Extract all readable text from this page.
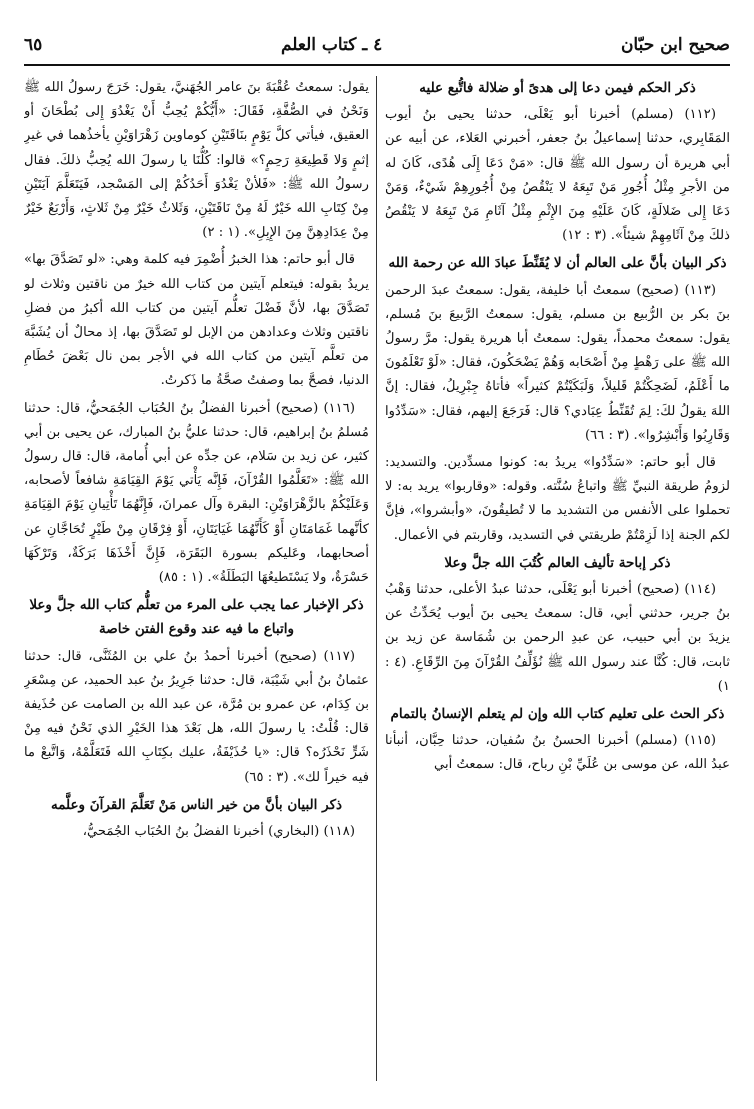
صحيح ابن حبّان
٤ ـ كتاب العلم
٦٥

ذكر الحكم فيمن دعا إلى هدىً أو ضلالة فاتُّبع عليه

(١١٢) (مسلم) أخبرنا أبو يَعْلَى، حدثنا يحيى بنُ أيوب المَقَابِري، حدثنا إسماعيلُ بنُ جعفر، أخبرني العَلاء، عن أبيه عن أبي هريرة أن رسول الله ﷺ قال: «مَنْ دَعَا إِلَى هُدًى، كَانَ له من الأجرِ مِثْلُ أُجُورِ مَنْ تَبِعَهُ لا يَنْقُصُ مِنْ أُجُورِهِمْ شَيْءٌ، وَمَنْ دَعَا إِلى ضَلالَةٍ، كَانَ عَلَيْهِ مِنَ الإِثْمِ مِثْلُ آثَامِ مَنْ تَبِعَهُ لا يَنْقُصُ ذلكَ مِنْ آثَامِهِمْ شيئاً». (٣ : ١٢)

ذكر البيان بأنَّ على العالم أن لا يُقَنِّطَ عبادَ الله عن رحمة الله

(١١٣) (صحيح) سمعتُ أبا خليفة، يقول: سمعتُ عبدَ الرحمن بنَ بكر بن الرُّبيع بن مسلم، يقول: سمعتُ الرَّبيعَ بنَ مُسلم، يقول: سمعتُ محمداً، يقول: سمعتُ أبا هريرة يقول: مرَّ رسولُ الله ﷺ على رَهْطٍ مِنْ أَصْحَابه وَهُمْ يَضْحَكُونَ، فقال: «لَوْ تَعْلَمُونَ ما أَعْلَمُ، لَضَحِكْتُمْ قَليلاً، وَلَبَكَيْتُمْ كثيراً» فأتاهُ جِبْرِيلُ، فقال: إنَّ اللهَ يقولُ لكَ: لِمَ تُقَنِّطُ عِبَادي؟ قال: فَرَجَعَ إليهم، فقال: «سَدِّدُوا وَقَارِبُوا وَأَبْشِرُوا». (٣ : ٦٦)

قال أبو حاتم: «سَدِّدُوا» يريدُ به: كونوا مسدِّدين. والتسديد: لزومُ طريقة النبيِّ ﷺ واتباعُ سُنَّته. وقوله: «وقاربوا» يريد به: لا تحملوا على الأنفس من التشديد ما لا تُطيقُونَ، «وأبشروا»، فإنَّ لكم الجنة إذا لَزِمْتُمْ طريقتي في التسديد، وقاربتم في الأعمال.

ذكر إباحة تأليف العالم كُتُبَ الله جلَّ وعلا

(١١٤) (صحيح) أخبرنا أبو يَعْلَى، حدثنا عبدُ الأعلى، حدثنا وَهْبُ بنُ جرير، حدثني أبي، قال: سمعتُ يحيى بنَ أيوب يُحَدِّثُ عن يزيدَ بن أبي حبيب، عن عبدِ الرحمن بن شُمَاسة عن زيد بن ثابت، قال: كُنَّا عند رسول الله ﷺ نُؤَلِّفُ القُرْآنَ مِنَ الرِّقَاعِ. (٤ : ١)

ذكر الحث على تعليم كتاب الله وإن لم يتعلم الإنسانُ بالتمام

(١١٥) (مسلم) أخبرنا الحسنُ بنُ سُفيان، حدثنا حِبَّان، أنبأنا عبدُ الله، عن موسى بن عُلَيِّ بْنِ رباح، قال: سمعتُ أبي

يقول: سمعتُ عُقْبَةَ بنَ عامر الجُهَنيَّ، يقول: خَرَجَ رسولُ الله ﷺ وَنَحْنُ في الصُّفَّةِ، فَقَالَ: «أَيُّكُمْ يُحِبُّ أَنْ يَغْدُوَ إِلى بُطْحَانَ أو العقيق، فيأتي كلَّ يَوْمٍ بنَاقَتَيْنِ كوماوين زَهْرَاوَيْنِ يأخذُهما في غيرِ إثمٍ وَلا قَطِيعَةِ رَحِمٍ؟» قالوا: كُلُّنَا يا رسولَ الله يُحِبُّ ذلكَ. فقال رسولُ الله ﷺ: «فَلأنْ يَغْدُوَ أَحَدُكُمْ إلى المَسْجد، فَيَتَعَلَّمَ آيَتَيْنِ مِنْ كِتَابِ الله خَيْرٌ لَهُ مِنْ نَاقَتَيْنِ، وَثَلاثٌ خَيْرٌ مِنْ ثَلاثٍ، وَأَرْبَعٌ خَيْرٌ مِنْ عِدَادِهِنَّ مِنَ الإِبِلِ». (١ : ٢)

قال أبو حاتم: هذا الخبرُ أُضْمِرَ فيه كلمة وهي: «لو تَصَدَّقَ بها» يريدُ بقوله: فيتعلم آيتين من كتاب الله خيرٌ من ناقتين وثلاث لو تَصَدَّقَ بها، لأنَّ فَضْلَ تعلُّم آيتين من كتاب الله أكبرُ من فضلِ ناقتين وثلاث وعدادهن من الإبل لو تَصَدَّقَ بها، إذ محالٌ أن يُشَبَّهَ من تعلَّم آيتين من كتاب الله في الأجر بمن نال بَعْضَ حُطَامِ الدنيا، فصحَّ بما وصفتُ صحَّةُ ما ذَكرتُ.

(١١٦) (صحيح) أخبرنا الفضلُ بنُ الحُبَاب الجُمَحيُّ، قال: حدثنا مُسلمُ بنُ إبراهيم، قال: حدثنا عليُّ بنُ المبارك، عن يحيى بن أبي كثير، عن زيد بن سَلام، عن جدِّه عن أبي أُمامة، قال: قال رسولُ الله ﷺ: «تَعَلَّمُوا القُرْآنَ، فَإِنَّه يَأْتي يَوْمَ القِيَامَةِ شافعاً لأصحابه، وَعَلَيْكُمْ بالزَّهْرَاوَيْنِ: البقرة وآل عمرانَ، فَإِنَّهُمَا تَأْتِيانِ يَوْمَ القِيَامَةِ كأنَّهما غَمَامَتَانِ أَوْ كَأَنَّهُمَا غَيَايَتَانِ، أَوْ فِرْقَانِ مِنْ طَيْرٍ تُحَاجَّانِ عن أصحابهما، وعَليكم بسورة البَقَرَة، فَإِنَّ أَخْذَهَا بَرَكَةٌ، وَتَرْكَهَا حَسْرَةٌ، ولا يَسْتَطيعُهَا البَطَلَةُ». (١ : ٨٥)

ذكر الإخبار عما يجب على المرء من تعلُّم كتاب الله جلَّ وعلا واتباع ما فيه عند وقوع الفتن خاصة

(١١٧) (صحيح) أخبرنا أحمدُ بنُ علي بن المُثَنَّى، قال: حدثنا عثمانُ بنُ أبي شَيْبَة، قال: حدثنا جَرِيرُ بنُ عبد الحميد، عن مِسْعَرِ بن كِدَام، عن عمرو بن مُرَّة، عن عبد الله بن الصامت عن حُذَيفة قال: قُلْتُ: يا رسولَ الله، هل بَعْدَ هذا الخَيْرِ الذي نَحْنُ فيه مِنْ شَرٍّ نَحْذَرُه؟ قال: «يا حُذَيْفَةُ، عليك بكِتَابِ الله فَتَعَلَّمْهُ، وَاتَّبعْ ما فيه خيراً لك». (٣ : ٦٥)

ذكر البيان بأنَّ من خير الناس مَنْ تَعَلَّمَ القرآنَ وعلَّمه

(١١٨) (البخاري) أخبرنا الفضلُ بنُ الحُبَاب الجُمَحيُّ،
